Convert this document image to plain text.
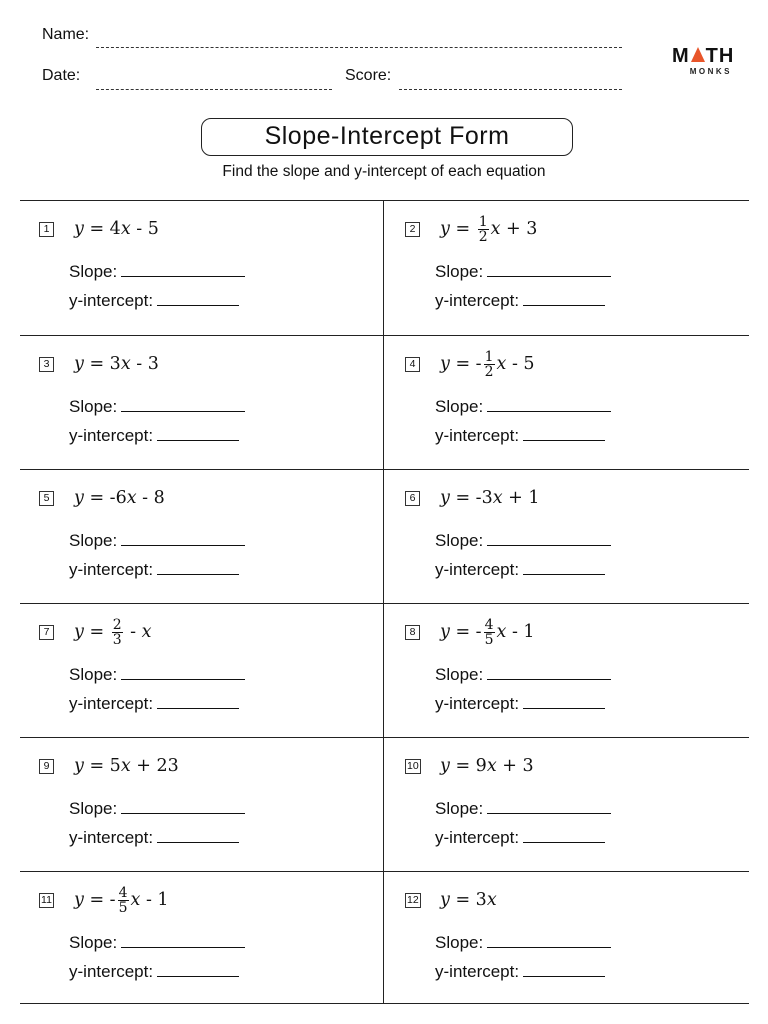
Name:
Date:	Score:
M TH
MONKS
Slope-Intercept Form
Find the slope and y-intercept of each equation
1 y = 4 x - 5
Slope:
y-intercept:
2 $y = \frac{1}{2}$ x + 3
Slope:
y-intercept:
3 y = 3 x - 3
Slope:
y-intercept:
4 y = - $\frac{1}{2}$ x - 5
Slope:
y-intercept:
5 y = -6 x - 8
Slope:
y-intercept:
6 y = -3 x + 1
Slope:
y-intercept:
7 $y = \frac{2}{3} - x$
Slope:
y-intercept:
8 y = - $\frac{4}{5}$ x - 1
Slope:
y-intercept:
9 y = 5 x + 23
Slope:
y-intercept:
10 y = 9 x + 3
Slope:
y-intercept:
11 y = - $\frac{4}{5}$ x - 1
Slope:
y-intercept:
12 y = 3 x
Slope:
y-intercept:
